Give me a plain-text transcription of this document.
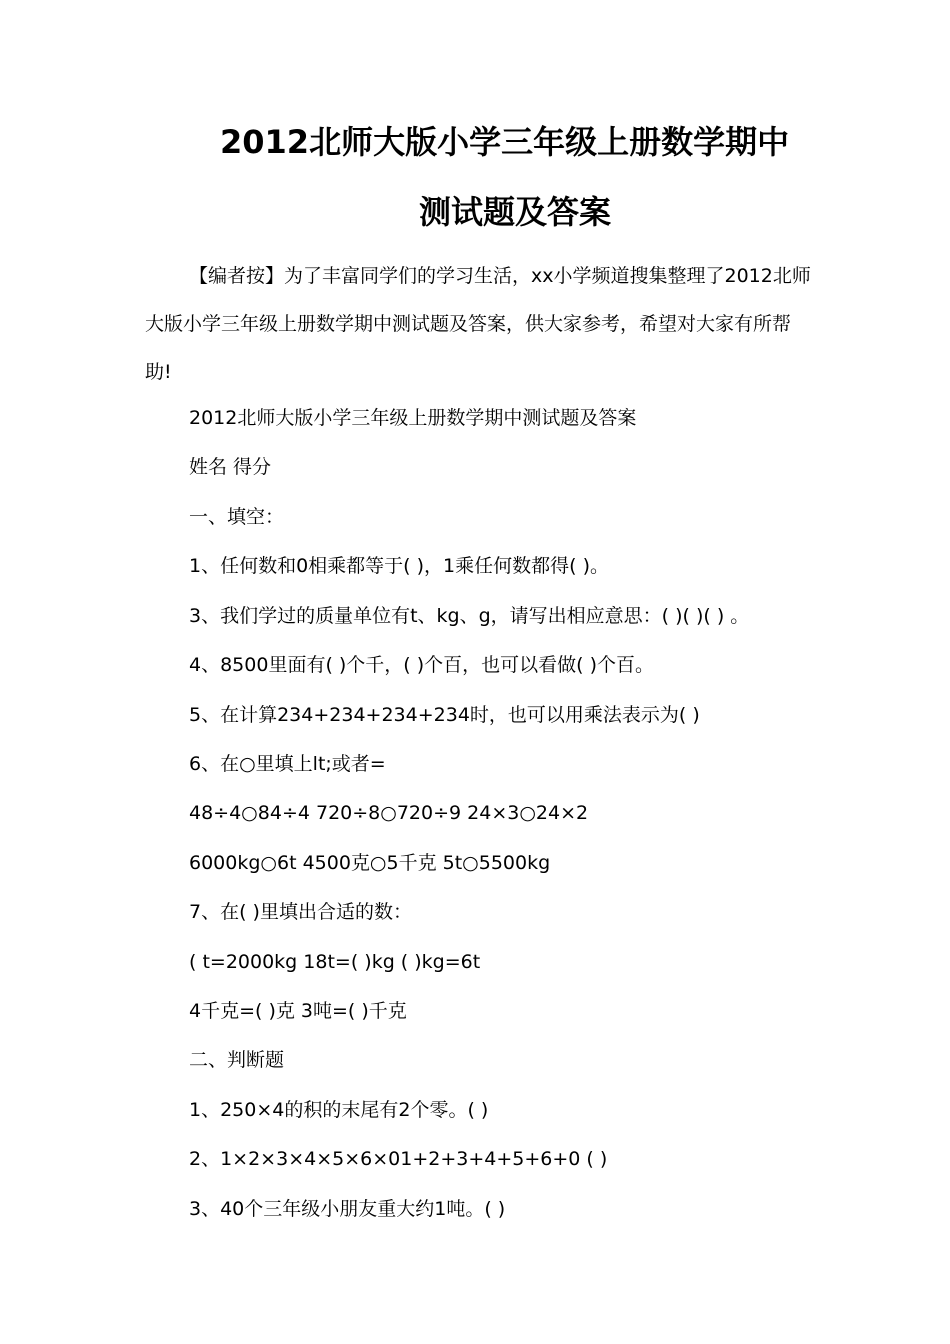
2012北师大版小学三年级上册数学期中
测试题及答案

【编者按】为了丰富同学们的学习生活，xx小学频道搜集整理了2012北师大版小学三年级上册数学期中测试题及答案，供大家参考，希望对大家有所帮助!

2012北师大版小学三年级上册数学期中测试题及答案

姓名 得分

一、填空：

1、任何数和0相乘都等于( )，1乘任何数都得( )。

3、我们学过的质量单位有t、kg、g，请写出相应意思：( )( )( ) 。

4、8500里面有( )个千，( )个百，也可以看做( )个百。

5、在计算234+234+234+234时，也可以用乘法表示为( )

6、在○里填上lt;或者=

48÷4○84÷4 720÷8○720÷9 24×3○24×2

6000kg○6t 4500克○5千克 5t○5500kg

7、在( )里填出合适的数：

( t=2000kg 18t=( )kg ( )kg=6t

4千克=( )克 3吨=( )千克

二、判断题

1、250×4的积的末尾有2个零。( )

2、1×2×3×4×5×6×01+2+3+4+5+6+0 ( )

3、40个三年级小朋友重大约1吨。( )
